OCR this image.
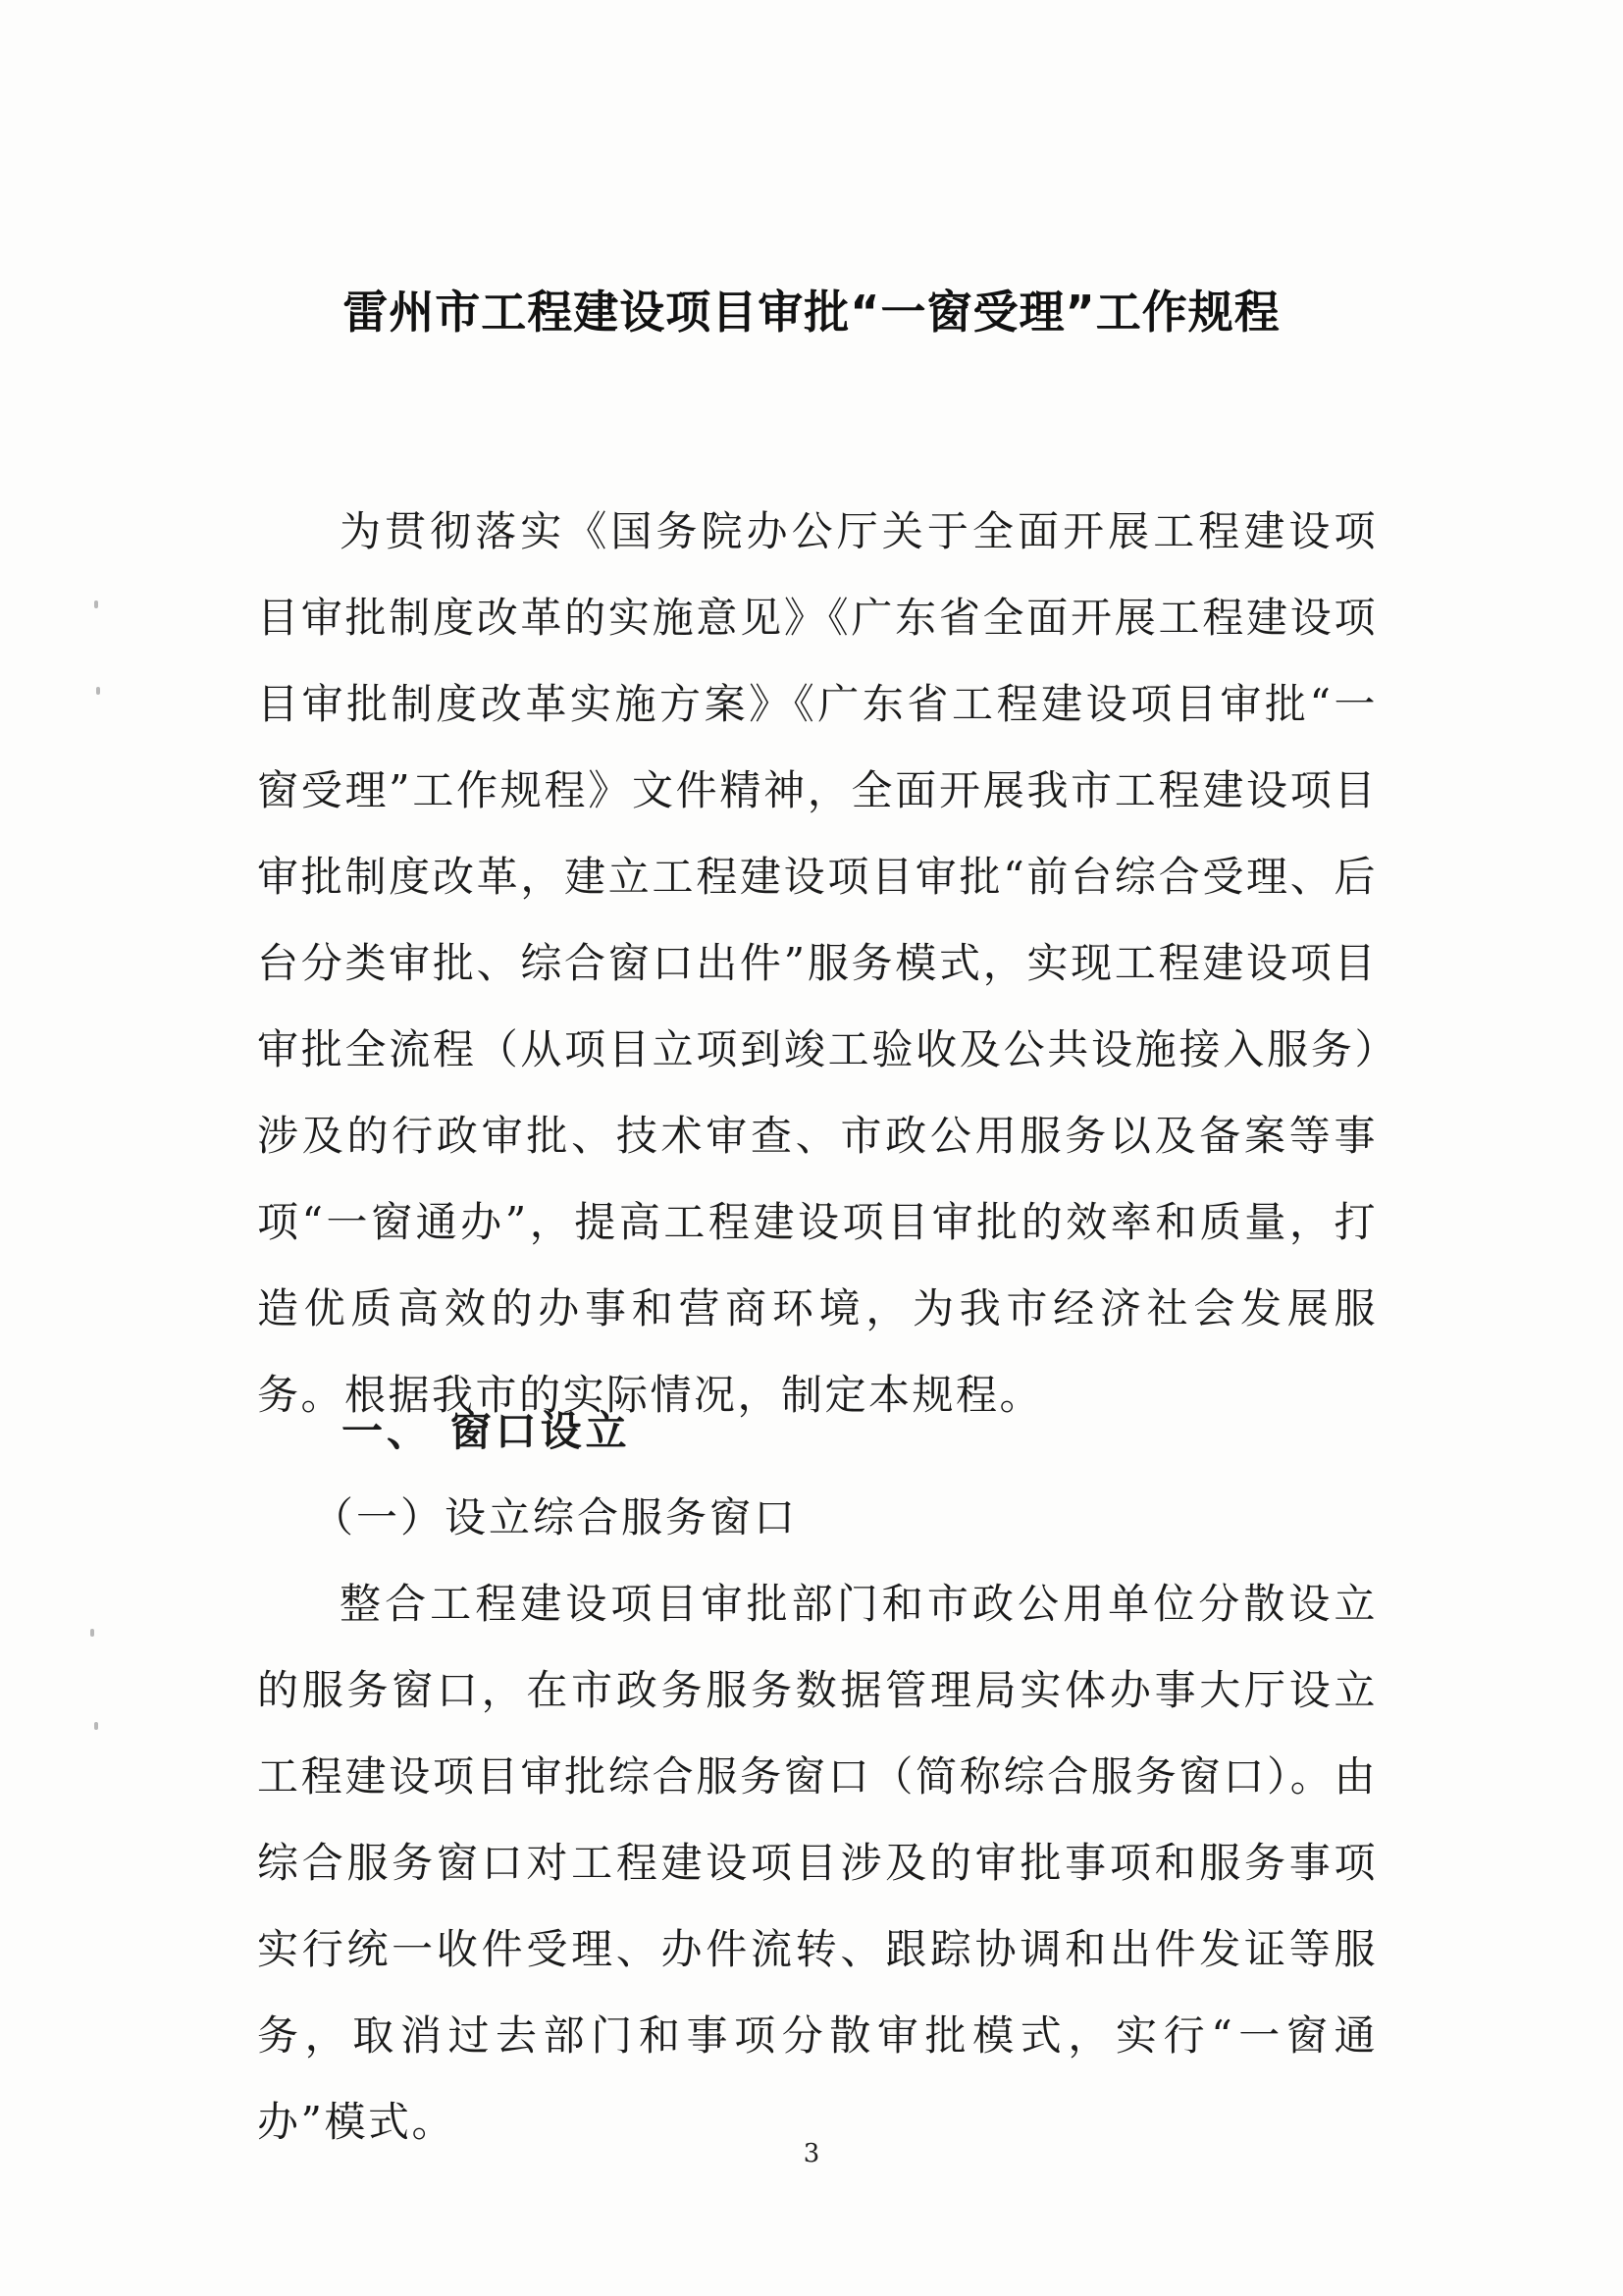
雷州市工程建设项目审批“一窗受理”工作规程
为贯彻落实《国务院办公厅关于全面开展工程建设项目审批制度改革的实施意见》《广东省全面开展工程建设项目审批制度改革实施方案》《广东省工程建设项目审批“一窗受理”工作规程》文件精神，全面开展我市工程建设项目审批制度改革，建立工程建设项目审批“前台综合受理、后台分类审批、综合窗口出件”服务模式，实现工程建设项目审批全流程（从项目立项到竣工验收及公共设施接入服务）涉及的行政审批、技术审查、市政公用服务以及备案等事项“一窗通办”，提高工程建设项目审批的效率和质量，打造优质高效的办事和营商环境，为我市经济社会发展服务。根据我市的实际情况，制定本规程。
一、 窗口设立
（一）设立综合服务窗口
整合工程建设项目审批部门和市政公用单位分散设立的服务窗口，在市政务服务数据管理局实体办事大厅设立工程建设项目审批综合服务窗口（简称综合服务窗口）。由综合服务窗口对工程建设项目涉及的审批事项和服务事项实行统一收件受理、办件流转、跟踪协调和出件发证等服务，取消过去部门和事项分散审批模式，实行“一窗通办”模式。
3
